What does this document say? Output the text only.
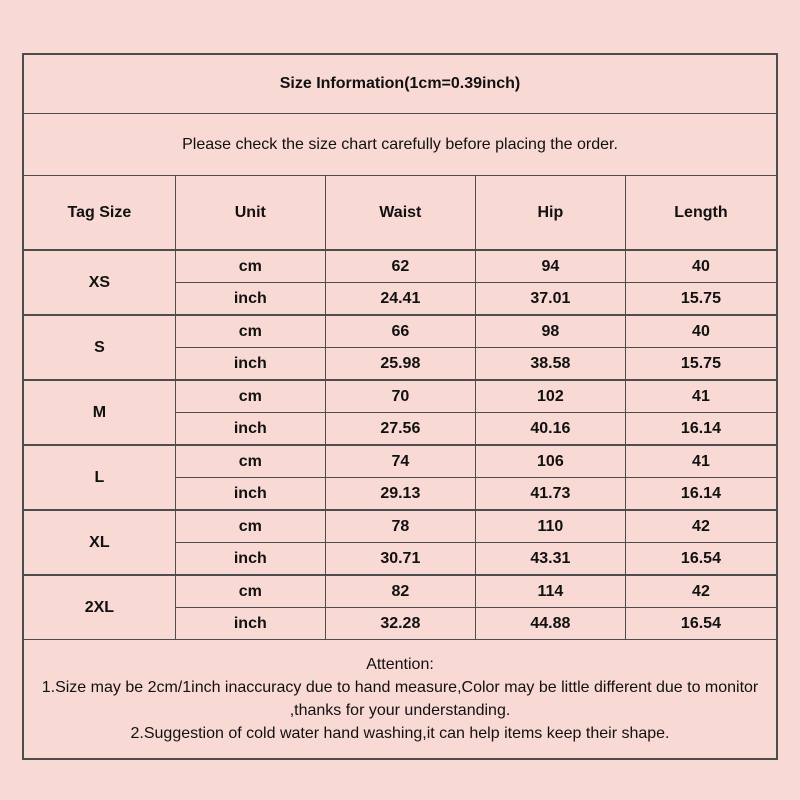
Size Information(1cm=0.39inch)				
Please check the size chart carefully before placing the order.				
Tag Size	Unit	Waist	Hip	Length
XS	cm	62	94	40
	inch	24.41	37.01	15.75
S	cm	66	98	40
	inch	25.98	38.58	15.75
M	cm	70	102	41
	inch	27.56	40.16	16.14
L	cm	74	106	41
	inch	29.13	41.73	16.14
XL	cm	78	110	42
	inch	30.71	43.31	16.54
2XL	cm	82	114	42
	inch	32.28	44.88	16.54

Attention:
1.Size may be 2cm/1inch inaccuracy due to hand measure,Color may be little different due to monitor
,thanks for your understanding.
2.Suggestion of cold water hand washing,it can help items keep their shape.				
